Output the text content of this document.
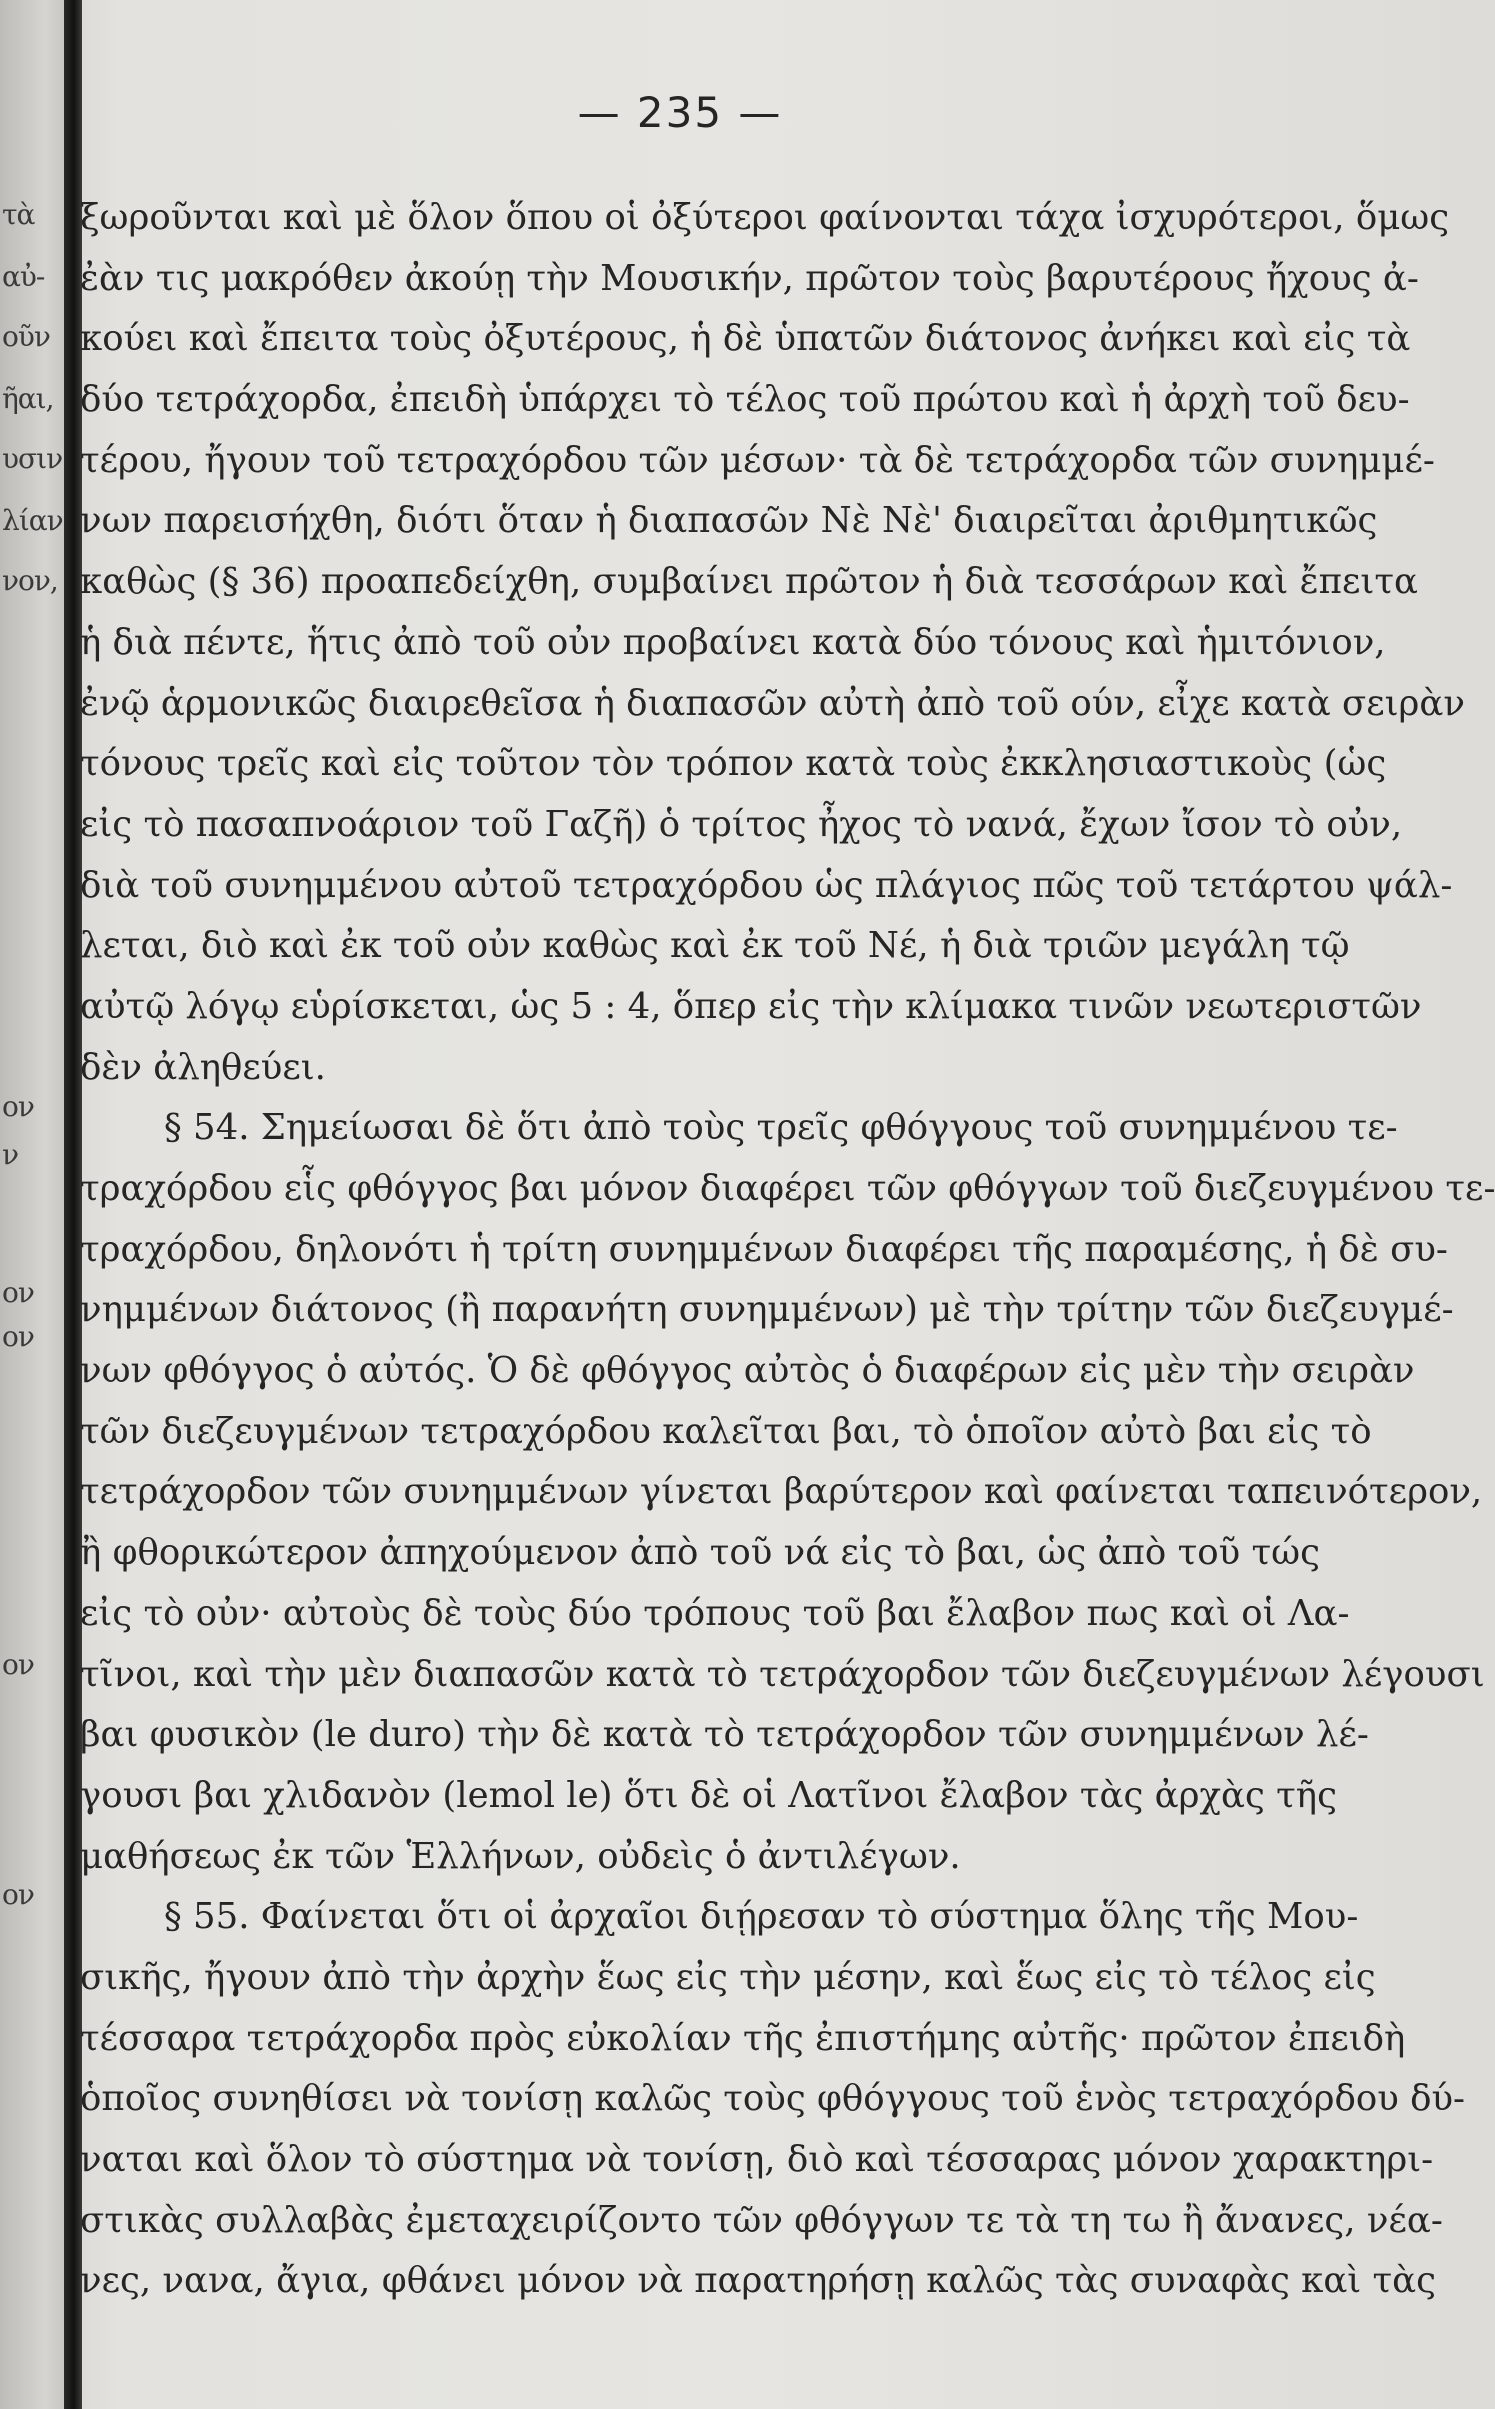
τὰ
αὐ-
οῦν
ῆαι,
υσιν
λίαν
νον,
ον
ν
ον
ον
ον
ον
— 235 —

ξωροῦνται καὶ μὲ ὅλον ὅπου οἱ ὀξύτεροι φαίνονται τάχα ἰσχυρότεροι, ὅμως
ἐὰν τις μακρόθεν ἀκούῃ τὴν Μουσικήν, πρῶτον τοὺς βαρυτέρους ἤχους ἀ-
κούει καὶ ἔπειτα τοὺς ὀξυτέρους, ἡ δὲ ὑπατῶν διάτονος ἀνήκει καὶ εἰς τὰ
δύο τετράχορδα, ἐπειδὴ ὑπάρχει τὸ τέλος τοῦ πρώτου καὶ ἡ ἀρχὴ τοῦ δευ-
τέρου, ἤγουν τοῦ τετραχόρδου τῶν μέσων· τὰ δὲ τετράχορδα τῶν συνημμέ-
νων παρεισήχθη, διότι ὅταν ἡ διαπασῶν Νὲ Νὲ' διαιρεῖται ἀριθμητικῶς
καθὼς (§ 36) προαπεδείχθη, συμβαίνει πρῶτον ἡ διὰ τεσσάρων καὶ ἔπειτα
ἡ διὰ πέντε, ἥτις ἀπὸ τοῦ οὐν προβαίνει κατὰ δύο τόνους καὶ ἡμιτόνιον,
ἐνῷ ἁρμονικῶς διαιρεθεῖσα ἡ διαπασῶν αὐτὴ ἀπὸ τοῦ ούν, εἶχε κατὰ σειρὰν
τόνους τρεῖς καὶ εἰς τοῦτον τὸν τρόπον κατὰ τοὺς ἐκκλησιαστικοὺς (ὡς
εἰς τὸ πασαπνοάριον τοῦ Γαζῆ) ὁ τρίτος ἦχος τὸ νανά, ἔχων ἴσον τὸ οὐν,
διὰ τοῦ συνημμένου αὐτοῦ τετραχόρδου ὡς πλάγιος πῶς τοῦ τετάρτου ψάλ-
λεται, διὸ καὶ ἐκ τοῦ οὐν καθὼς καὶ ἐκ τοῦ Νέ, ἡ διὰ τριῶν μεγάλη τῷ
αὐτῷ λόγῳ εὑρίσκεται, ὡς 5 : 4, ὅπερ εἰς τὴν κλίμακα τινῶν νεωτεριστῶν
δὲν ἀληθεύει.

§ 54. Σημείωσαι δὲ ὅτι ἀπὸ τοὺς τρεῖς φθόγγους τοῦ συνημμένου τε-
τραχόρδου εἷς φθόγγος βαι μόνον διαφέρει τῶν φθόγγων τοῦ διεζευγμένου τε-
τραχόρδου, δηλονότι ἡ τρίτη συνημμένων διαφέρει τῆς παραμέσης, ἡ δὲ συ-
νημμένων διάτονος (ἢ παρανήτη συνημμένων) μὲ τὴν τρίτην τῶν διεζευγμέ-
νων φθόγγος ὁ αὐτός. Ὁ δὲ φθόγγος αὐτὸς ὁ διαφέρων εἰς μὲν τὴν σειρὰν
τῶν διεζευγμένων τετραχόρδου καλεῖται βαι, τὸ ὁποῖον αὐτὸ βαι εἰς τὸ
τετράχορδον τῶν συνημμένων γίνεται βαρύτερον καὶ φαίνεται ταπεινότερον,
ἢ φθορικώτερον ἀπηχούμενον ἀπὸ τοῦ νά εἰς τὸ βαι, ὡς ἀπὸ τοῦ τώς
εἰς τὸ οὐν· αὐτοὺς δὲ τοὺς δύο τρόπους τοῦ βαι ἔλαβον πως καὶ οἱ Λα-
τῖνοι, καὶ τὴν μὲν διαπασῶν κατὰ τὸ τετράχορδον τῶν διεζευγμένων λέγουσι
βαι φυσικὸν (le duro) τὴν δὲ κατὰ τὸ τετράχορδον τῶν συνημμένων λέ-
γουσι βαι χλιδανὸν (lemol le) ὅτι δὲ οἱ Λατῖνοι ἔλαβον τὰς ἀρχὰς τῆς
μαθήσεως ἐκ τῶν Ἑλλήνων, οὐδεὶς ὁ ἀντιλέγων.

§ 55. Φαίνεται ὅτι οἱ ἀρχαῖοι διῄρεσαν τὸ σύστημα ὅλης τῆς Μου-
σικῆς, ἤγουν ἀπὸ τὴν ἀρχὴν ἕως εἰς τὴν μέσην, καὶ ἕως εἰς τὸ τέλος εἰς
τέσσαρα τετράχορδα πρὸς εὐκολίαν τῆς ἐπιστήμης αὐτῆς· πρῶτον ἐπειδὴ
ὁποῖος συνηθίσει νὰ τονίσῃ καλῶς τοὺς φθόγγους τοῦ ἑνὸς τετραχόρδου δύ-
ναται καὶ ὅλον τὸ σύστημα νὰ τονίσῃ, διὸ καὶ τέσσαρας μόνον χαρακτηρι-
στικὰς συλλαβὰς ἐμεταχειρίζοντο τῶν φθόγγων τε τὰ τη τω ἢ ἄνανες, νέα-
νες, νανα, ἄγια, φθάνει μόνον νὰ παρατηρήσῃ καλῶς τὰς συναφὰς καὶ τὰς
